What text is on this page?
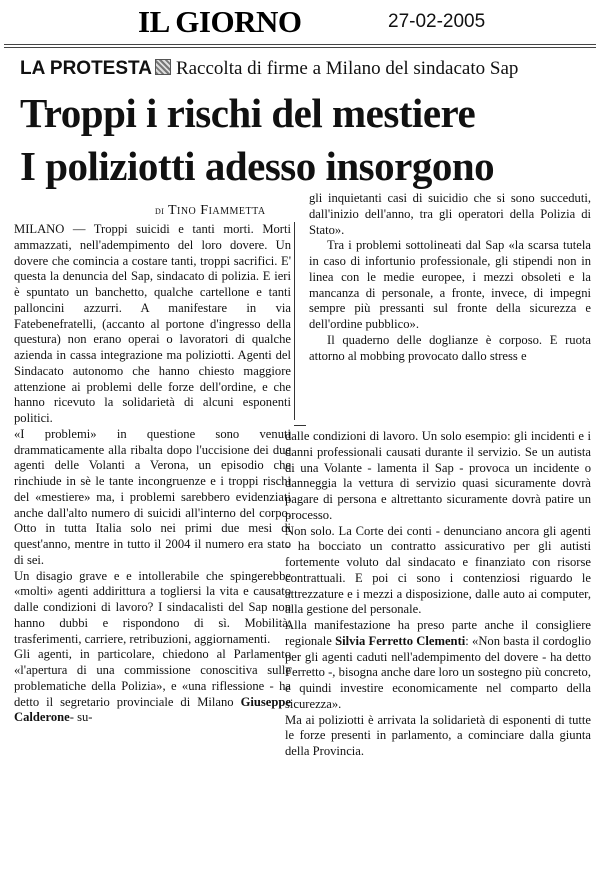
IL GIORNO	27-02-2005
LA PROTESTA Raccolta di firme a Milano del sindacato Sap
Troppi i rischi del mestiere
I poliziotti adesso insorgono
di Tino Fiammetta

MILANO — Troppi suicidi e tanti morti. Morti ammazzati, nell'adempimento del loro dovere. Un dovere che comincia a costare tanti, troppi sacrifici. E' questa la denuncia del Sap, sindacato di polizia. E ieri è spuntato un banchetto, qualche cartellone e tanti palloncini azzurri. A manifestare in via Fatebenefratelli, (accanto al portone d'ingresso della questura) non erano operai o lavoratori di qualche azienda in cassa integrazione ma poliziotti. Agenti del Sindacato autonomo che hanno chiesto maggiore attenzione ai problemi delle forze dell'ordine, e che hanno ricevuto la solidarietà di alcuni esponenti politici.

«I problemi» in questione sono venuti drammaticamente alla ribalta dopo l'uccisione dei due agenti delle Volanti a Verona, un episodio che rinchiude in sè le tante incongruenze e i troppi rischi del «mestiere» ma, i problemi sarebbero evidenziati anche dall'alto numero di suicidi all'interno del corpo. Otto in tutta Italia solo nei primi due mesi di quest'anno, mentre in tutto il 2004 il numero era stato di sei.

Un disagio grave e e intollerabile che spingerebbe «molti» agenti addirittura a togliersi la vita e causato dalle condizioni di lavoro? I sindacalisti del Sap non hanno dubbi e rispondono di sì. Mobilità, trasferimenti, carriere, retribuzioni, aggiornamenti.

Gli agenti, in particolare, chiedono al Parlamento «l'apertura di una commissione conoscitiva sulle problematiche della Polizia», e «una riflessione - ha detto il segretario provinciale di Milano Giuseppe Calderone- su-

gli inquietanti casi di suicidio che si sono succeduti, dall'inizio dell'anno, tra gli operatori della Polizia di Stato».

Tra i problemi sottolineati dal Sap «la scarsa tutela in caso di infortunio professionale, gli stipendi non in linea con le medie europee, i mezzi obsoleti e la mancanza di personale, a fronte, invece, di impegni sempre più pressanti sul fronte della sicurezza e dell'ordine pubblico».

Il quaderno delle doglianze è corposo. E ruota attorno al mobbing provocato dallo stress e

dalle condizioni di lavoro. Un solo esempio: gli incidenti e i danni professionali causati durante il servizio. Se un autista di una Volante - lamenta il Sap - provoca un incidente o danneggia la vettura di servizio quasi sicuramente dovrà pagare di persona e altrettanto sicuramente dovrà patire un processo.

Non solo. La Corte dei conti - denunciano ancora gli agenti - ha bocciato un contratto assicurativo per gli autisti fortemente voluto dal sindacato e finanziato con risorse contrattuali. E poi ci sono i contenziosi riguardo le attrezzature e i mezzi a disposizione, dalle auto ai computer, alla gestione del personale.

Alla manifestazione ha preso parte anche il consigliere regionale Silvia Ferretto Clementi: «Non basta il cordoglio per gli agenti caduti nell'adempimento del dovere - ha detto Ferretto -, bisogna anche dare loro un sostegno più concreto, e quindi investire economicamente nel comparto della sicurezza».

Ma ai poliziotti è arrivata la solidarietà di esponenti di tutte le forze presenti in parlamento, a cominciare dalla giunta della Provincia.
